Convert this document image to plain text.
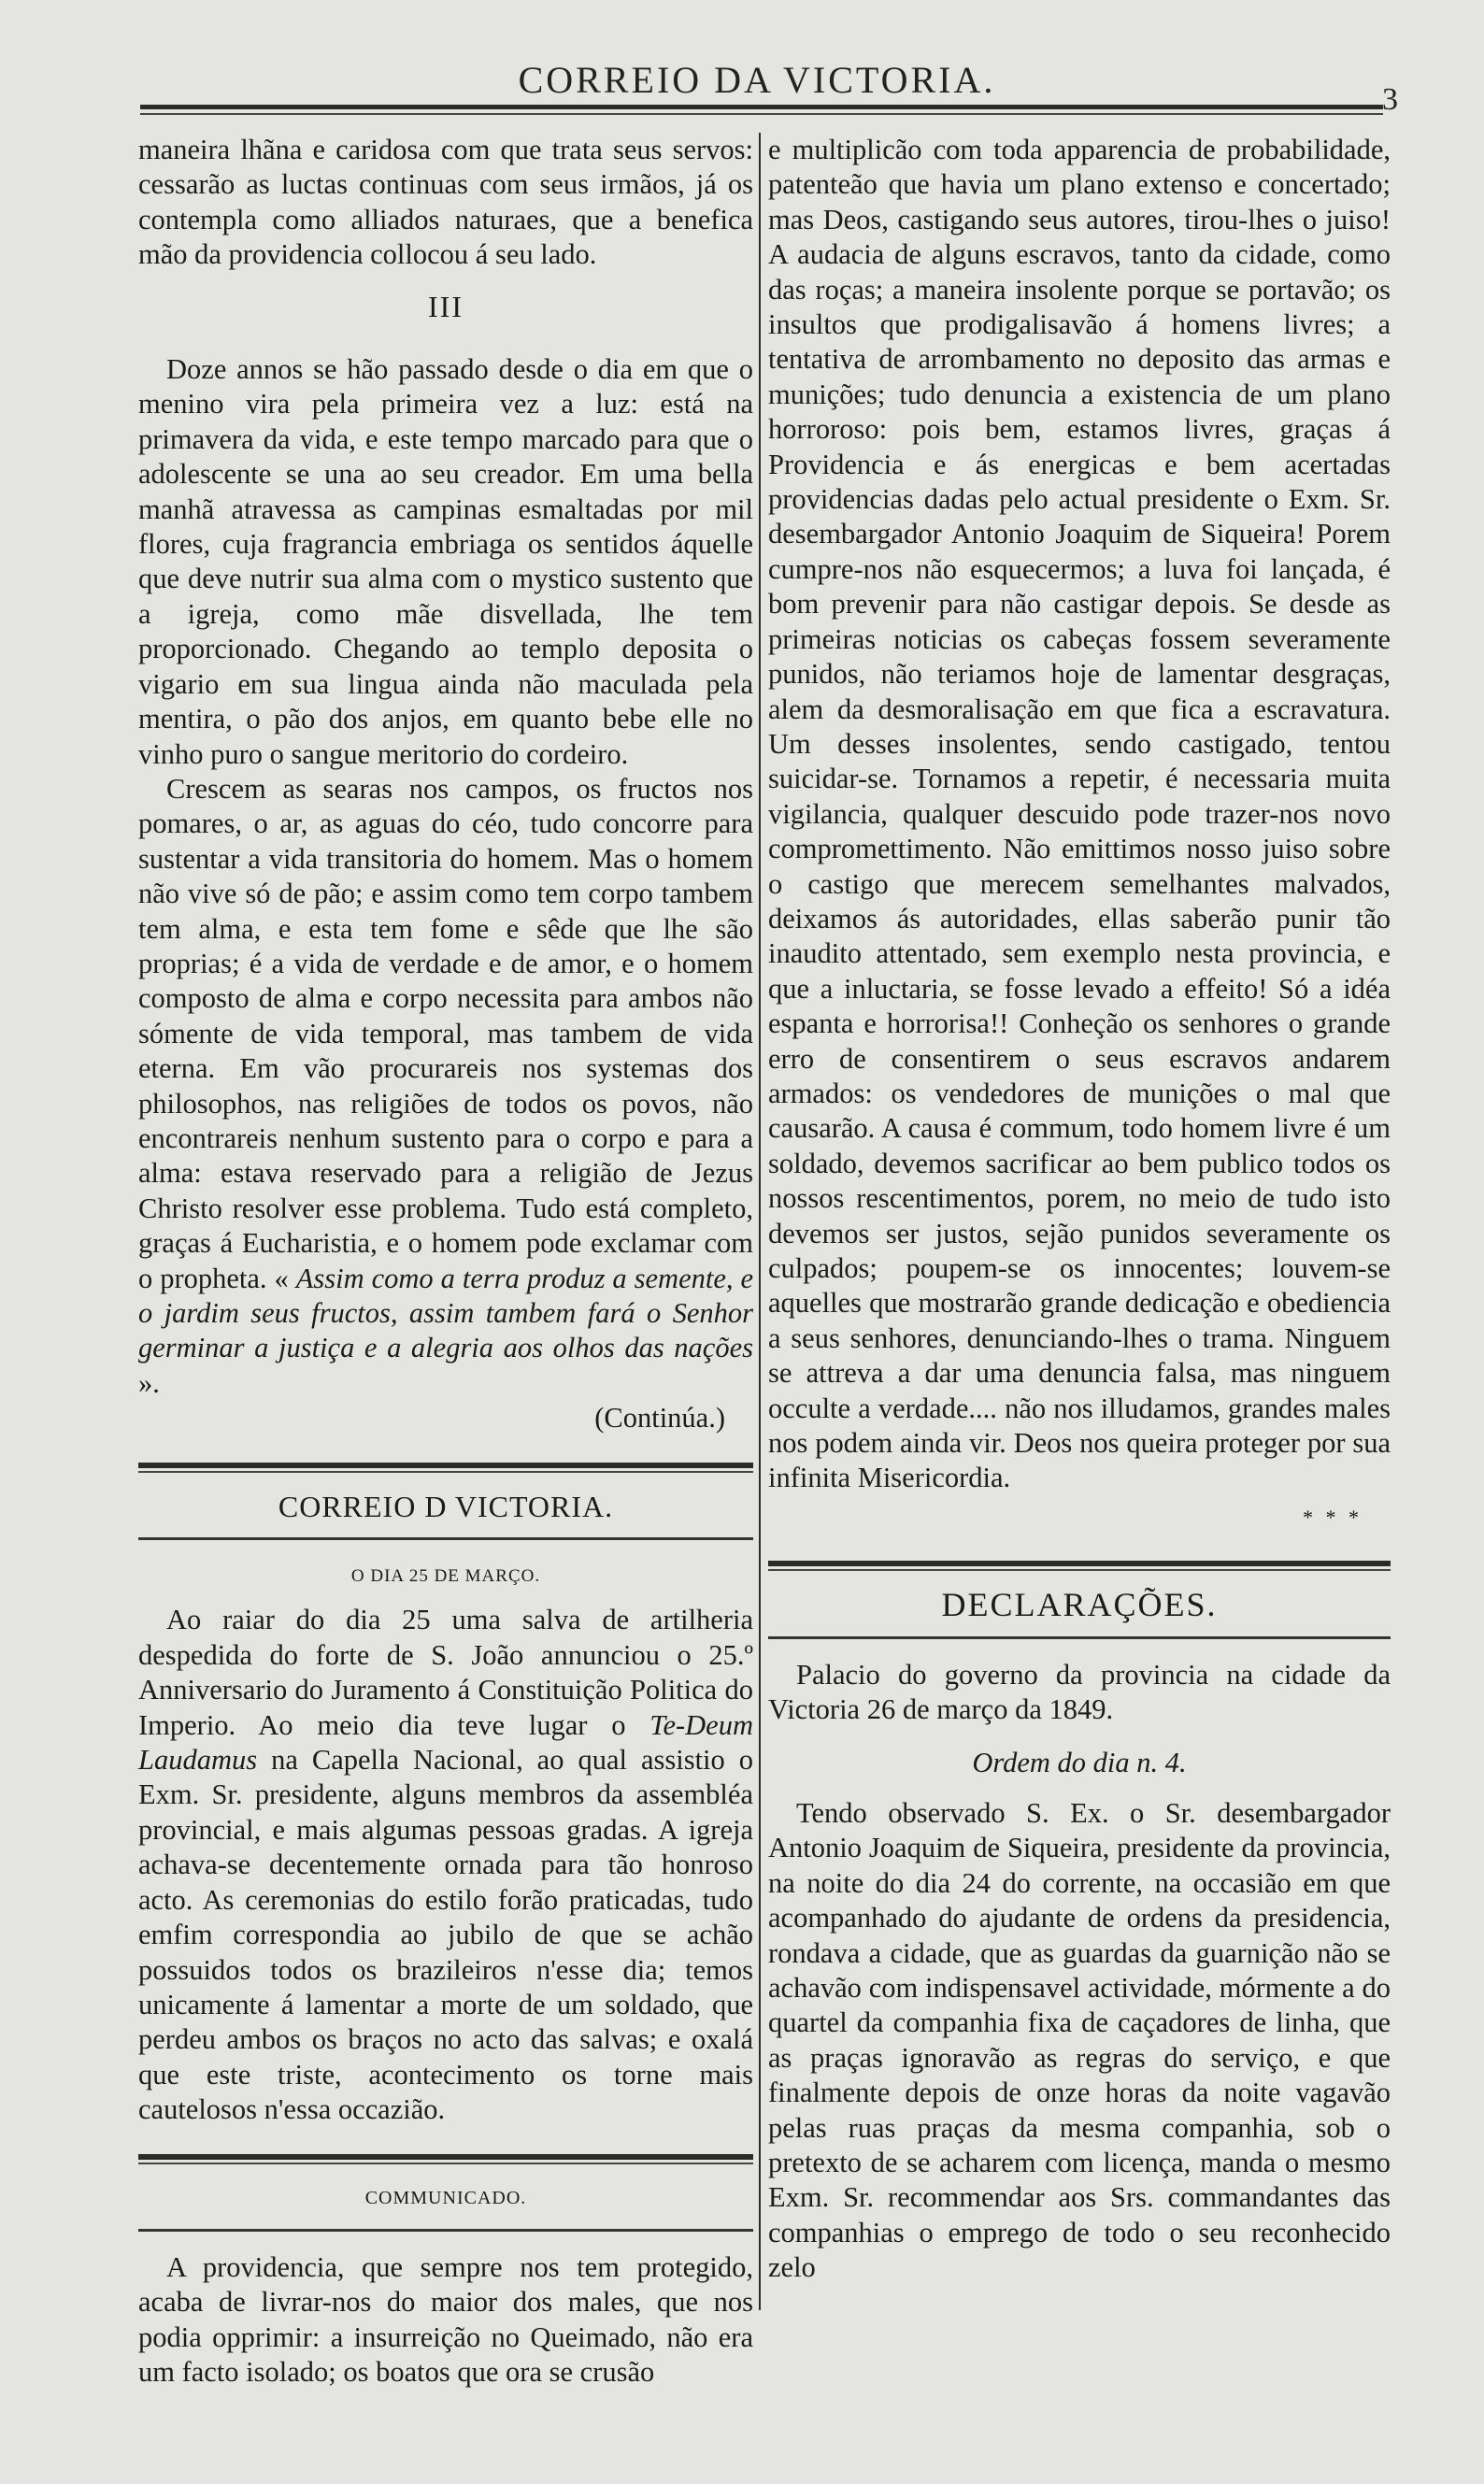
CORREIO DA VICTORIA.	3

maneira lhãna e caridosa com que trata seus servos: cessarão as luctas continuas com seus irmãos, já os contempla como alliados naturaes, que a benefica mão da providencia collocou á seu lado.

III

Doze annos se hão passado desde o dia em que o menino vira pela primeira vez a luz: está na primavera da vida, e este tempo marcado para que o adolescente se una ao seu creador. Em uma bella manhã atravessa as campinas esmaltadas por mil flores, cuja fragrancia embriaga os sentidos áquelle que deve nutrir sua alma com o mystico sustento que a igreja, como mãe disvellada, lhe tem proporcionado. Chegando ao templo deposita o vigario em sua lingua ainda não maculada pela mentira, o pão dos anjos, em quanto bebe elle no vinho puro o sangue meritorio do cordeiro.

Crescem as searas nos campos, os fructos nos pomares, o ar, as aguas do céo, tudo concorre para sustentar a vida transitoria do homem. Mas o homem não vive só de pão; e assim como tem corpo tambem tem alma, e esta tem fome e sêde que lhe são proprias; é a vida de verdade e de amor, e o homem composto de alma e corpo necessita para ambos não sómente de vida temporal, mas tambem de vida eterna. Em vão procurareis nos systemas dos philosophos, nas religiões de todos os povos, não encontrareis nenhum sustento para o corpo e para a alma: estava reservado para a religião de Jezus Christo resolver esse problema. Tudo está completo, graças á Eucharistia, e o homem pode exclamar com o propheta. « Assim como a terra produz a semente, e o jardim seus fructos, assim tambem fará o Senhor germinar a justiça e a alegria aos olhos das nações ».

(Continúa.)
CORREIO D VICTORIA.
O DIA 25 DE MARÇO.

Ao raiar do dia 25 uma salva de artilheria despedida do forte de S. João annunciou o 25.º Anniversario do Juramento á Constituição Politica do Imperio. Ao meio dia teve lugar o Te-Deum Laudamus na Capella Nacional, ao qual assistio o Exm. Sr. presidente, alguns membros da assembléa provincial, e mais algumas pessoas gradas. A igreja achava-se decentemente ornada para tão honroso acto. As ceremonias do estilo forão praticadas, tudo emfim correspondia ao jubilo de que se achão possuidos todos os brazileiros n'esse dia; temos unicamente á lamentar a morte de um soldado, que perdeu ambos os braços no acto das salvas; e oxalá que este triste, acontecimento os torne mais cautelosos n'essa occazião.

COMMUNICADO.

A providencia, que sempre nos tem protegido, acaba de livrar-nos do maior dos males, que nos podia opprimir: a insurreição no Queimado, não era um facto isolado; os boatos que ora se crusão

e multiplicão com toda apparencia de probabilidade, patenteão que havia um plano extenso e concertado; mas Deos, castigando seus autores, tirou-lhes o juiso! A audacia de alguns escravos, tanto da cidade, como das roças; a maneira insolente porque se portavão; os insultos que prodigalisavão á homens livres; a tentativa de arrombamento no deposito das armas e munições; tudo denuncia a existencia de um plano horroroso: pois bem, estamos livres, graças á Providencia e ás energicas e bem acertadas providencias dadas pelo actual presidente o Exm. Sr. desembargador Antonio Joaquim de Siqueira! Porem cumpre-nos não esquecermos; a luva foi lançada, é bom prevenir para não castigar depois. Se desde as primeiras noticias os cabeças fossem severamente punidos, não teriamos hoje de lamentar desgraças, alem da desmoralisação em que fica a escravatura. Um desses insolentes, sendo castigado, tentou suicidar-se. Tornamos a repetir, é necessaria muita vigilancia, qualquer descuido pode trazer-nos novo compromettimento. Não emittimos nosso juiso sobre o castigo que merecem semelhantes malvados, deixamos ás autoridades, ellas saberão punir tão inaudito attentado, sem exemplo nesta provincia, e que a inluctaria, se fosse levado a effeito! Só a idéa espanta e horrorisa!! Conheção os senhores o grande erro de consentirem o seus escravos andarem armados: os vendedores de munições o mal que causarão. A causa é commum, todo homem livre é um soldado, devemos sacrificar ao bem publico todos os nossos rescentimentos, porem, no meio de tudo isto devemos ser justos, sejão punidos severamente os culpados; poupem-se os innocentes; louvem-se aquelles que mostrarão grande dedicação e obediencia a seus senhores, denunciando-lhes o trama. Ninguem se attreva a dar uma denuncia falsa, mas ninguem occulte a verdade.... não nos illudamos, grandes males nos podem ainda vir. Deos nos queira proteger por sua infinita Misericordia.

* * *
DECLARAÇÕES.

Palacio do governo da provincia na cidade da Victoria 26 de março da 1849.

Ordem do dia n. 4.

Tendo observado S. Ex. o Sr. desembargador Antonio Joaquim de Siqueira, presidente da provincia, na noite do dia 24 do corrente, na occasião em que acompanhado do ajudante de ordens da presidencia, rondava a cidade, que as guardas da guarnição não se achavão com indispensavel actividade, mórmente a do quartel da companhia fixa de caçadores de linha, que as praças ignoravão as regras do serviço, e que finalmente depois de onze horas da noite vagavão pelas ruas praças da mesma companhia, sob o pretexto de se acharem com licença, manda o mesmo Exm. Sr. recommendar aos Srs. commandantes das companhias o emprego de todo o seu reconhecido zelo
